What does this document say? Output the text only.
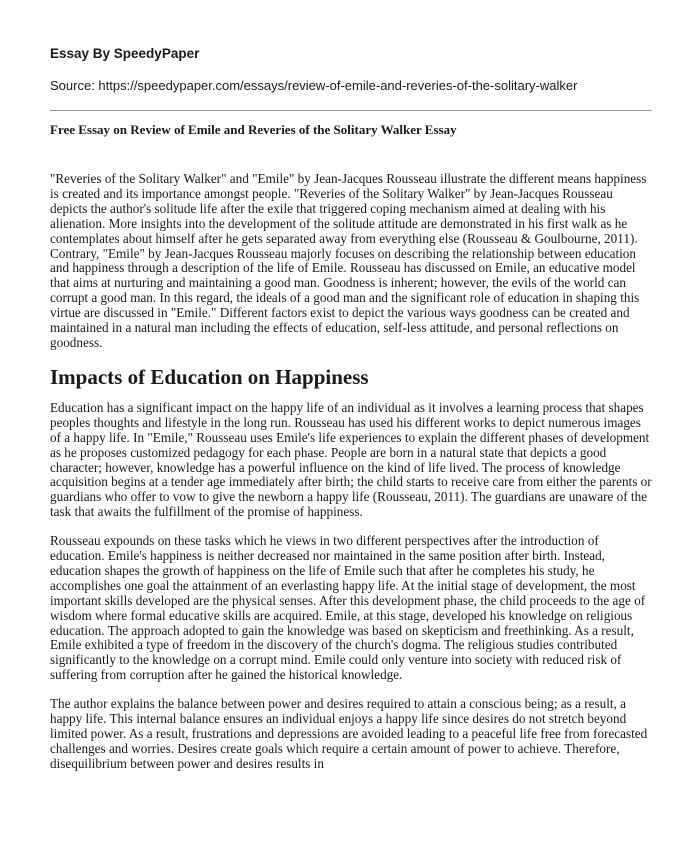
Essay By SpeedyPaper

Source: https://speedypaper.com/essays/review-of-emile-and-reveries-of-the-solitary-walker

Free Essay on Review of Emile and Reveries of the Solitary Walker Essay

"Reveries of the Solitary Walker" and "Emile" by Jean-Jacques Rousseau illustrate the different means happiness is created and its importance amongst people. "Reveries of the Solitary Walker" by Jean-Jacques Rousseau depicts the author's solitude life after the exile that triggered coping mechanism aimed at dealing with his alienation. More insights into the development of the solitude attitude are demonstrated in his first walk as he contemplates about himself after he gets separated away from everything else (Rousseau & Goulbourne, 2011). Contrary, "Emile" by Jean-Jacques Rousseau majorly focuses on describing the relationship between education and happiness through a description of the life of Emile. Rousseau has discussed on Emile, an educative model that aims at nurturing and maintaining a good man. Goodness is inherent; however, the evils of the world can corrupt a good man. In this regard, the ideals of a good man and the significant role of education in shaping this virtue are discussed in "Emile." Different factors exist to depict the various ways goodness can be created and maintained in a natural man including the effects of education, self-less attitude, and personal reflections on goodness.

Impacts of Education on Happiness

Education has a significant impact on the happy life of an individual as it involves a learning process that shapes peoples thoughts and lifestyle in the long run. Rousseau has used his different works to depict numerous images of a happy life. In "Emile," Rousseau uses Emile's life experiences to explain the different phases of development as he proposes customized pedagogy for each phase. People are born in a natural state that depicts a good character; however, knowledge has a powerful influence on the kind of life lived. The process of knowledge acquisition begins at a tender age immediately after birth; the child starts to receive care from either the parents or guardians who offer to vow to give the newborn a happy life (Rousseau, 2011). The guardians are unaware of the task that awaits the fulfillment of the promise of happiness.

Rousseau expounds on these tasks which he views in two different perspectives after the introduction of education. Emile's happiness is neither decreased nor maintained in the same position after birth. Instead, education shapes the growth of happiness on the life of Emile such that after he completes his study, he accomplishes one goal the attainment of an everlasting happy life. At the initial stage of development, the most important skills developed are the physical senses. After this development phase, the child proceeds to the age of wisdom where formal educative skills are acquired. Emile, at this stage, developed his knowledge on religious education. The approach adopted to gain the knowledge was based on skepticism and freethinking. As a result, Emile exhibited a type of freedom in the discovery of the church's dogma. The religious studies contributed significantly to the knowledge on a corrupt mind. Emile could only venture into society with reduced risk of suffering from corruption after he gained the historical knowledge.

The author explains the balance between power and desires required to attain a conscious being; as a result, a happy life. This internal balance ensures an individual enjoys a happy life since desires do not stretch beyond limited power. As a result, frustrations and depressions are avoided leading to a peaceful life free from forecasted challenges and worries. Desires create goals which require a certain amount of power to achieve. Therefore, disequilibrium between power and desires results in
